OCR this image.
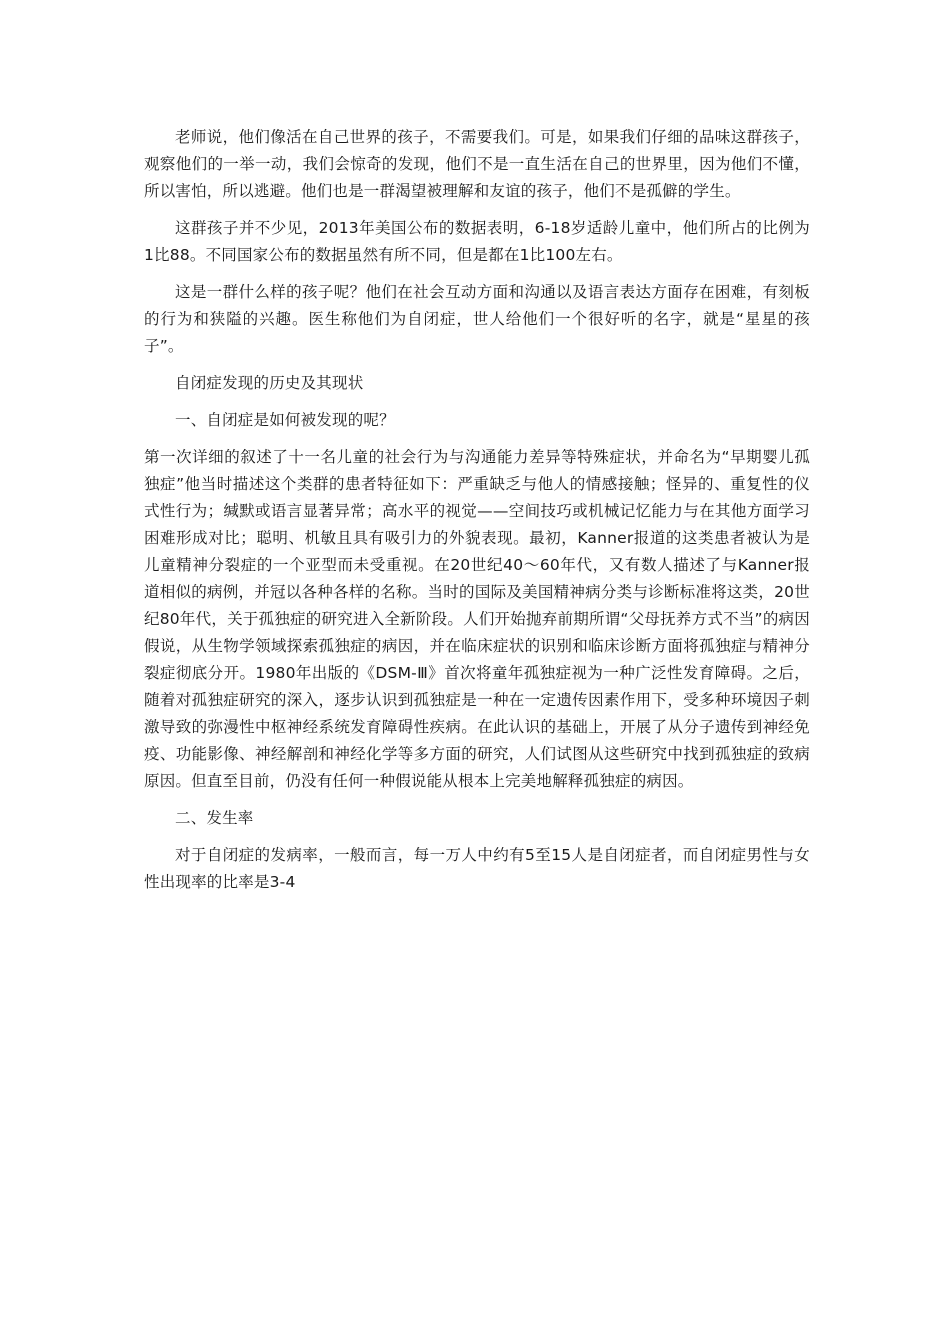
老师说，他们像活在自己世界的孩子，不需要我们。可是，如果我们仔细的品味这群孩子，观察他们的一举一动，我们会惊奇的发现，他们不是一直生活在自己的世界里，因为他们不懂，所以害怕，所以逃避。他们也是一群渴望被理解和友谊的孩子，他们不是孤僻的学生。

这群孩子并不少见，2013年美国公布的数据表明，6-18岁适龄儿童中，他们所占的比例为1比88。不同国家公布的数据虽然有所不同，但是都在1比100左右。

这是一群什么样的孩子呢？他们在社会互动方面和沟通以及语言表达方面存在困难，有刻板的行为和狭隘的兴趣。医生称他们为自闭症，世人给他们一个很好听的名字，就是“星星的孩子”。

自闭症发现的历史及其现状

一、自闭症是如何被发现的呢？

第一次详细的叙述了十一名儿童的社会行为与沟通能力差异等特殊症状，并命名为“早期婴儿孤独症”他当时描述这个类群的患者特征如下：严重缺乏与他人的情感接触；怪异的、重复性的仪式性行为；缄默或语言显著异常；高水平的视觉——空间技巧或机械记忆能力与在其他方面学习困难形成对比；聪明、机敏且具有吸引力的外貌表现。最初，Kanner报道的这类患者被认为是儿童精神分裂症的一个亚型而未受重视。在20世纪40～60年代，又有数人描述了与Kanner报道相似的病例，并冠以各种各样的名称。当时的国际及美国精神病分类与诊断标准将这类，20世纪80年代，关于孤独症的研究进入全新阶段。人们开始抛弃前期所谓“父母抚养方式不当”的病因假说，从生物学领域探索孤独症的病因，并在临床症状的识别和临床诊断方面将孤独症与精神分裂症彻底分开。1980年出版的《DSM-Ⅲ》首次将童年孤独症视为一种广泛性发育障碍。之后，随着对孤独症研究的深入，逐步认识到孤独症是一种在一定遗传因素作用下，受多种环境因子刺激导致的弥漫性中枢神经系统发育障碍性疾病。在此认识的基础上，开展了从分子遗传到神经免疫、功能影像、神经解剖和神经化学等多方面的研究，人们试图从这些研究中找到孤独症的致病原因。但直至目前，仍没有任何一种假说能从根本上完美地解释孤独症的病因。

二、发生率

对于自闭症的发病率，一般而言，每一万人中约有5至15人是自闭症者，而自闭症男性与女性出现率的比率是3-4
